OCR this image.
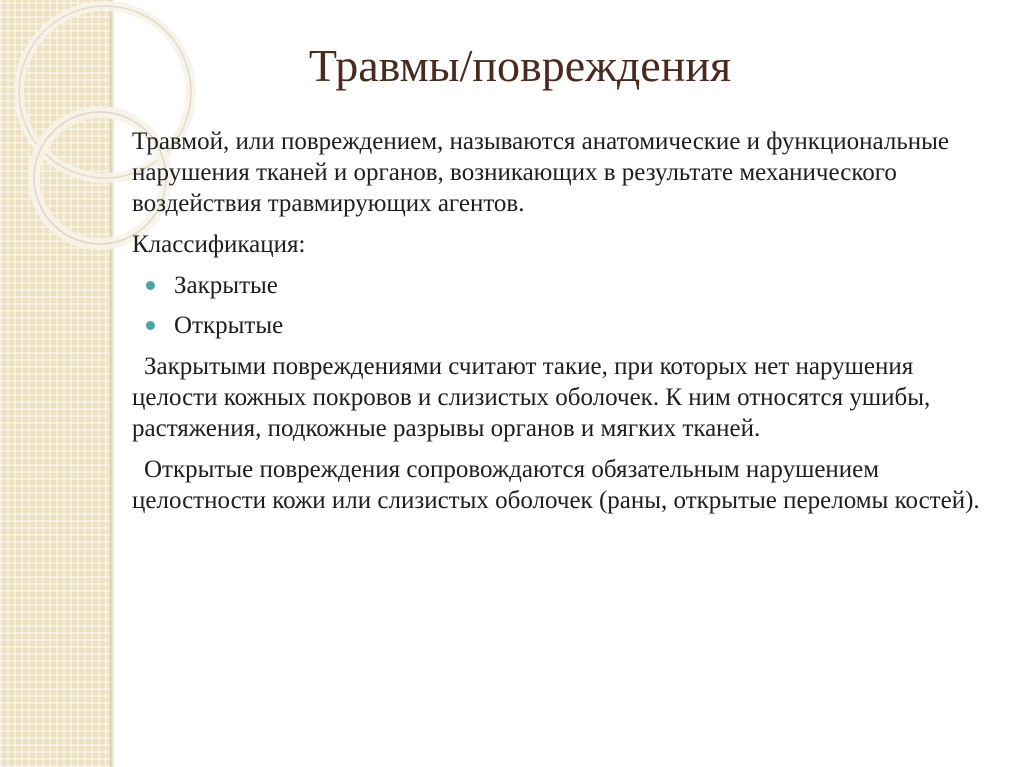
Травмы/повреждения

Травмой, или повреждением, называются анатомические и функциональные нарушения тканей и органов, возникающих в результате механического воздействия травмирующих агентов.

Классификация:

Закрытые
Открытые

Закрытыми повреждениями считают такие, при которых нет нарушения целости кожных покровов и слизистых оболочек. К ним относятся ушибы, растяжения, подкожные разрывы органов и мягких тканей.

Открытые повреждения сопровождаются обязательным нарушением целостности кожи или слизистых оболочек (раны, открытые переломы костей).
